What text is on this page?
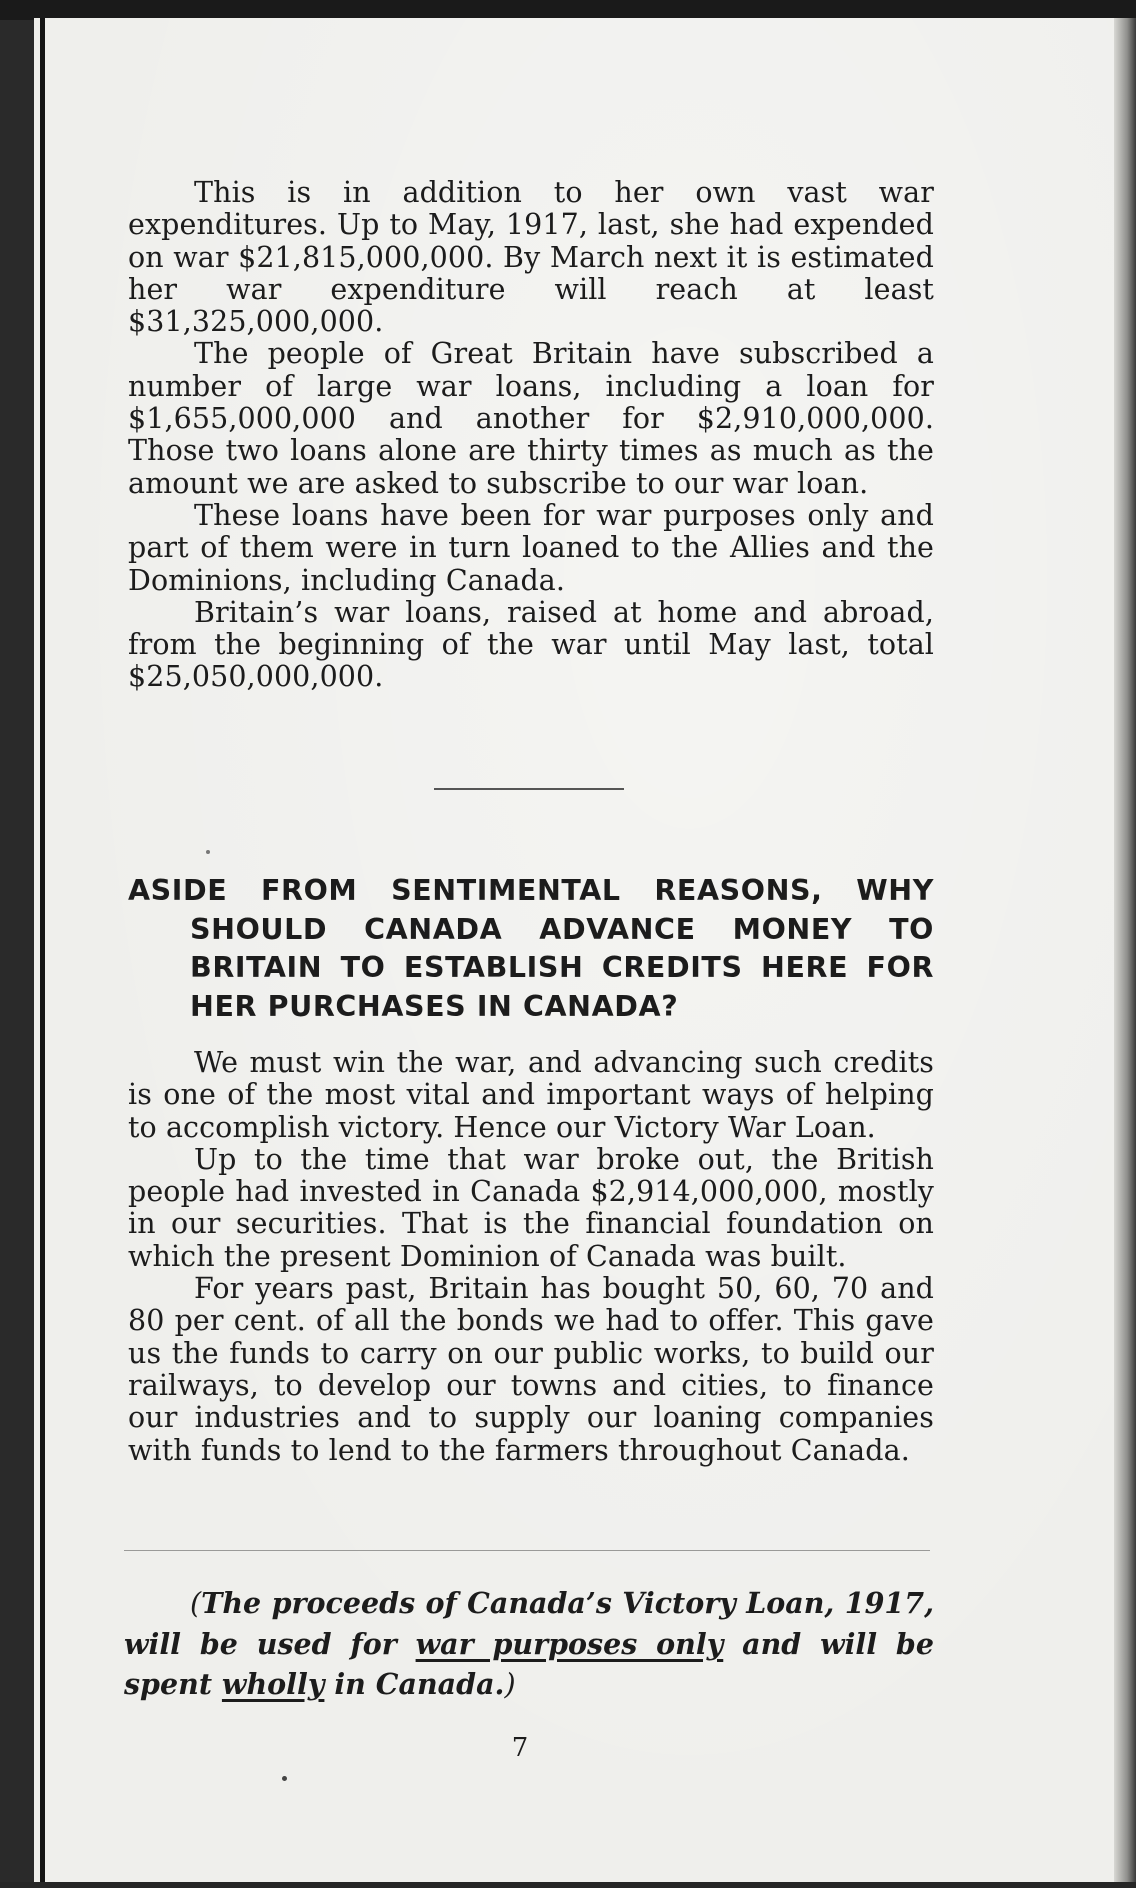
This is in addition to her own vast war expenditures. Up to May, 1917, last, she had expended on war $21,815,000,000. By March next it is estimated her war expenditure will reach at least $31,325,000,000.

The people of Great Britain have subscribed a number of large war loans, including a loan for $1,655,000,000 and another for $2,910,000,000. Those two loans alone are thirty times as much as the amount we are asked to subscribe to our war loan.

These loans have been for war purposes only and part of them were in turn loaned to the Allies and the Dominions, including Canada.

Britain’s war loans, raised at home and abroad, from the beginning of the war until May last, total $25,050,000,000.

ASIDE FROM SENTIMENTAL REASONS, WHY SHOULD CANADA ADVANCE MONEY TO BRITAIN TO ESTABLISH CREDITS HERE FOR HER PURCHASES IN CANADA?

We must win the war, and advancing such credits is one of the most vital and important ways of helping to accomplish victory. Hence our Victory War Loan.

Up to the time that war broke out, the British people had invested in Canada $2,914,000,000, mostly in our securities. That is the financial foundation on which the present Dominion of Canada was built.

For years past, Britain has bought 50, 60, 70 and 80 per cent. of all the bonds we had to offer. This gave us the funds to carry on our public works, to build our railways, to develop our towns and cities, to finance our industries and to supply our loaning companies with funds to lend to the farmers throughout Canada.

(The proceeds of Canada’s Victory Loan, 1917, will be used for war purposes only and will be spent wholly in Canada.)

7
